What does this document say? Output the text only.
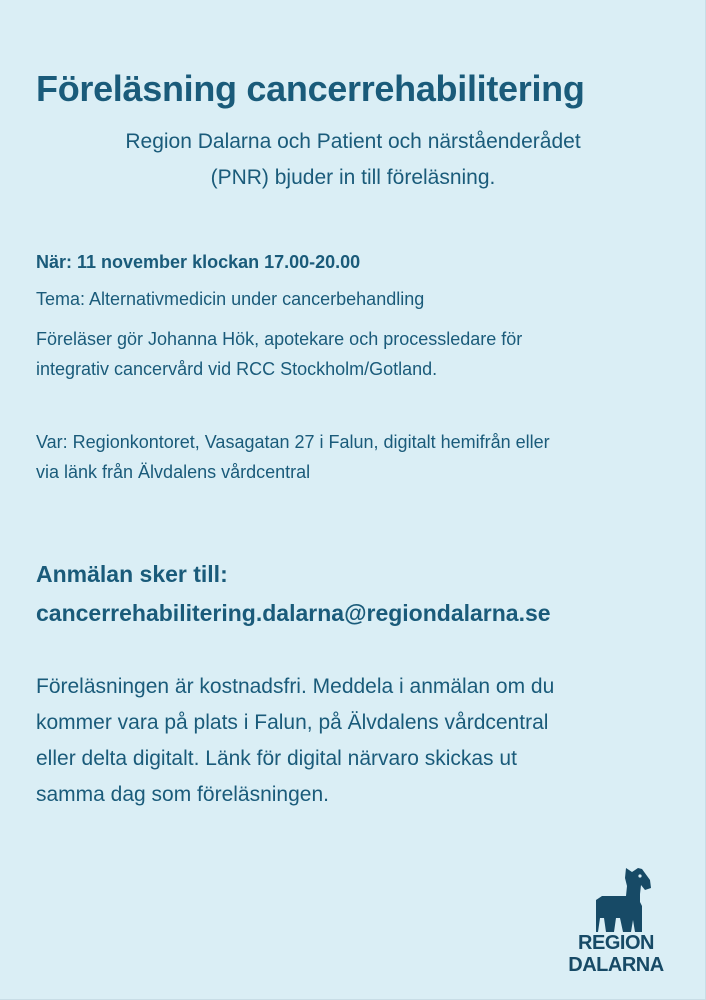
Föreläsning cancerrehabilitering
Region Dalarna och Patient och närståenderådet
(PNR) bjuder in till föreläsning.
När: 11 november klockan 17.00-20.00
Tema: Alternativmedicin under cancerbehandling
Föreläser gör Johanna Hök, apotekare och processledare för
integrativ cancervård vid RCC Stockholm/Gotland.
Var: Regionkontoret, Vasagatan 27 i Falun, digitalt hemifrån eller
via länk från Älvdalens vårdcentral
Anmälan sker till:
cancerrehabilitering.dalarna@regiondalarna.se
Föreläsningen är kostnadsfri. Meddela i anmälan om du
kommer vara på plats i Falun, på Älvdalens vårdcentral
eller delta digitalt. Länk för digital närvaro skickas ut
samma dag som föreläsningen.
REGION
DALARNA
